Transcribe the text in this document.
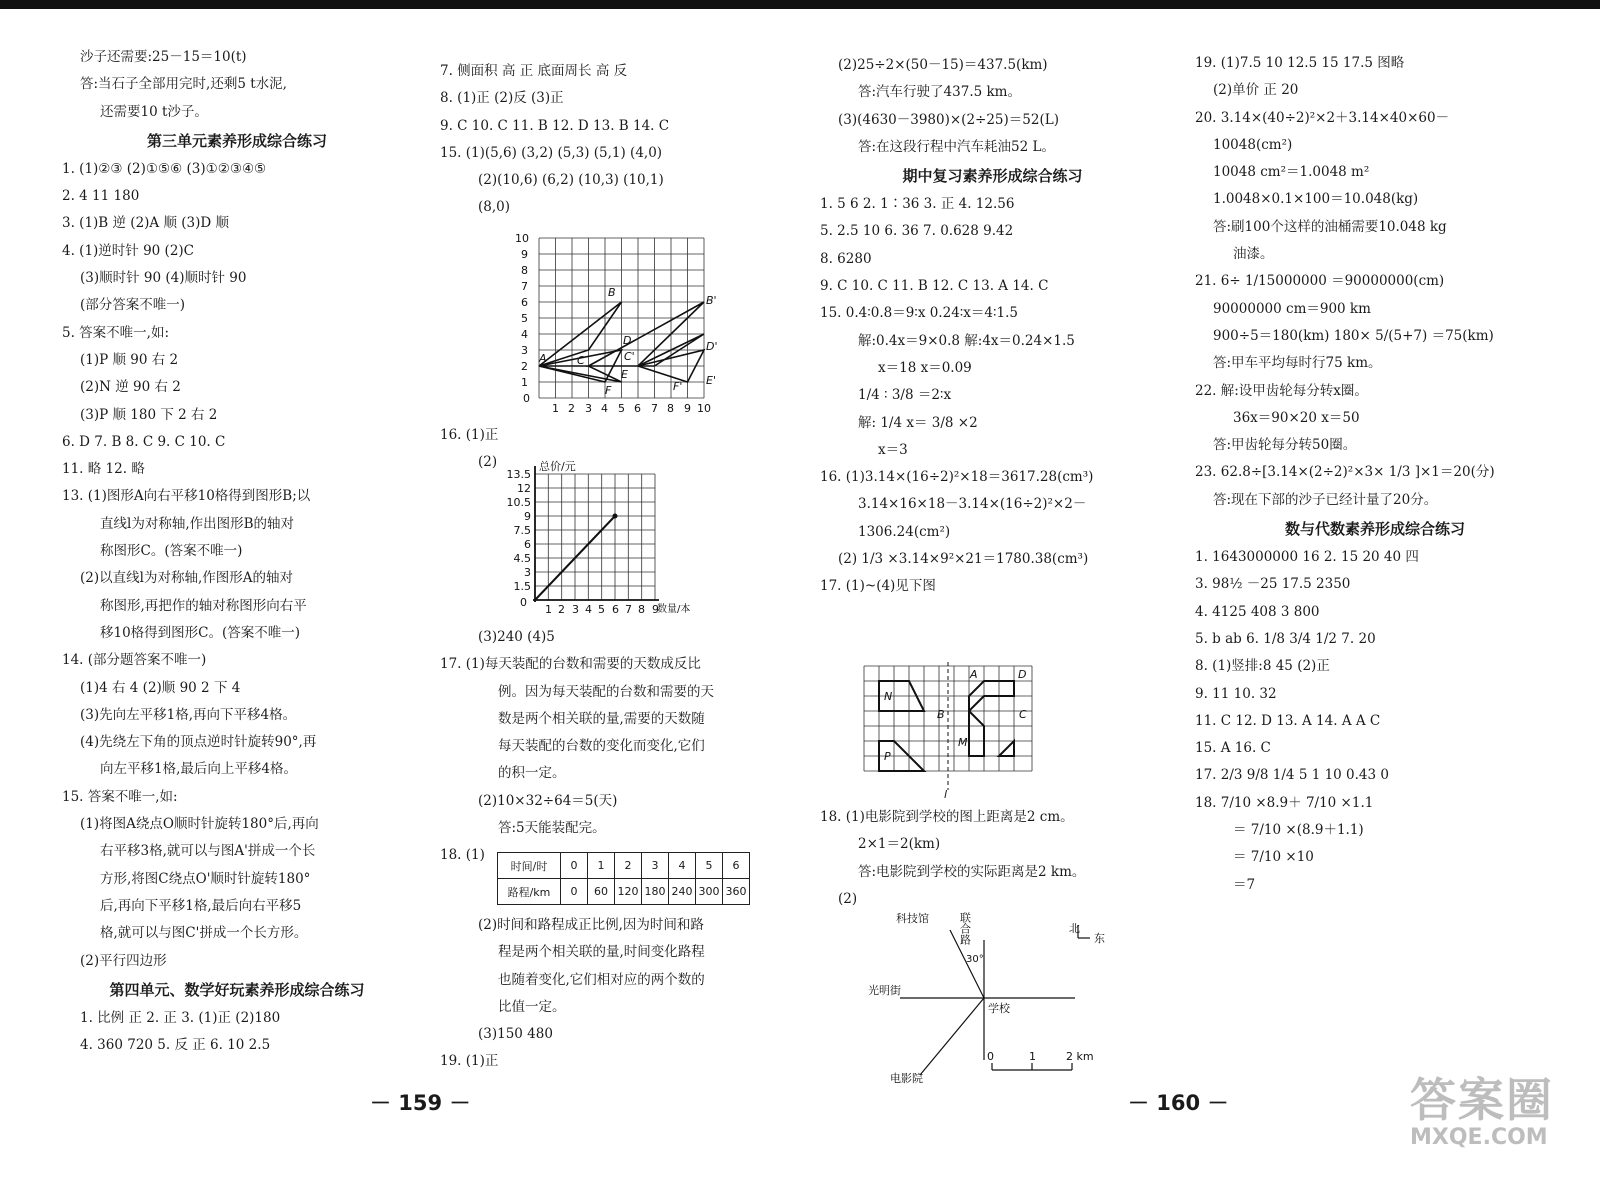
沙子还需要:25－15＝10(t)
答:当石子全部用完时,还剩5 t水泥,
还需要10 t沙子。
第三单元素养形成综合练习
1. (1)②③ (2)①⑤⑥ (3)①②③④⑤
2. 4 11 180
3. (1)B 逆 (2)A 顺 (3)D 顺
4. (1)逆时针 90 (2)C
(3)顺时针 90 (4)顺时针 90
(部分答案不唯一)
5. 答案不唯一,如:
(1)P 顺 90 右 2
(2)N 逆 90 右 2
(3)P 顺 180 下 2 右 2
6. D 7. B 8. C 9. C 10. C
11. 略 12. 略
13. (1)图形A向右平移10格得到图形B;以
直线l为对称轴,作出图形B的轴对
称图形C。(答案不唯一)
(2)以直线l为对称轴,作图形A的轴对
称图形,再把作的轴对称图形向右平
移10格得到图形C。(答案不唯一)
14. (部分题答案不唯一)
(1)4 右 4 (2)顺 90 2 下 4
(3)先向左平移1格,再向下平移4格。
(4)先绕左下角的顶点逆时针旋转90°,再
向左平移1格,最后向上平移4格。
15. 答案不唯一,如:
(1)将图A绕点O顺时针旋转180°后,再向
右平移3格,就可以与图A'拼成一个长
方形,将图C绕点O'顺时针旋转180°
后,再向下平移1格,最后向右平移5
格,就可以与图C'拼成一个长方形。
(2)平行四边形
第四单元、数学好玩素养形成综合练习
1. 比例 正 2. 正 3. (1)正 (2)180
4. 360 720 5. 反 正 6. 10 2.5
7. 侧面积 高 正 底面周长 高 反
8. (1)正 (2)反 (3)正
9. C 10. C 11. B 12. D 13. B 14. C
15. (1)(5,6) (3,2) (5,3) (5,1) (4,0)
(2)(10,6) (6,2) (10,3) (10,1)
(8,0)
16. (1)正
(2)
(3)240 (4)5
17. (1)每天装配的台数和需要的天数成反比
例。因为每天装配的台数和需要的天
数是两个相关联的量,需要的天数随
每天装配的台数的变化而变化,它们
的积一定。
(2)10×32÷64＝5(天)
答:5天能装配完。
18. (1)
(2)时间和路程成正比例,因为时间和路
程是两个相关联的量,时间变化路程
也随着变化,它们相对应的两个数的
比值一定。
(3)150 480
19. (1)正
时间/时	0	1	2	3	4	5	6
路程/km	0	60	120	180	240	300	360
1
2
3
4
5
6
7
8
9
10
0
1 2 3 4 5 6 7 8 9 10
B
D
C
E
F
B'
D'
E'
F'
C'
A
总价/元
数量/本
1.5
3
4.5
6
7.5
9
10.5
12
13.5
0
1 2 3 4 5 6 7 8 9
(2)25÷2×(50－15)＝437.5(km)
答:汽车行驶了437.5 km。
(3)(4630－3980)×(2÷25)＝52(L)
答:在这段行程中汽车耗油52 L。
期中复习素养形成综合练习
1. 5 6 2. 1∶36 3. 正 4. 12.56
5. 2.5 10 6. 36 7. 0.628 9.42
8. 6280
9. C 10. C 11. B 12. C 13. A 14. C
15. 0.4∶0.8＝9∶x 0.24∶x＝4∶1.5
解:0.4x＝9×0.8 解:4x＝0.24×1.5
x＝18 x＝0.09
1/4 ∶ 3/8 ＝2∶x
解: 1/4 x＝ 3/8 ×2
x＝3
16. (1)3.14×(16÷2)²×18＝3617.28(cm³)
3.14×16×18－3.14×(16÷2)²×2－
1306.24(cm²)
(2) 1/3 ×3.14×9²×21＝1780.38(cm³)
17. (1)~(4)见下图
18. (1)电影院到学校的图上距离是2 cm。
2×1＝2(km)
答:电影院到学校的实际距离是2 km。
(2)
N
P
M
A
B	C
D
l
北
东
科技馆	联合路
光明街
学校
电影院
30°
0	1	2 km
19. (1)7.5 10 12.5 15 17.5 图略
(2)单价 正 20
20. 3.14×(40÷2)²×2＋3.14×40×60－
10048(cm²)
10048 cm²＝1.0048 m²
1.0048×0.1×100＝10.048(kg)
答:刷100个这样的油桶需要10.048 kg
油漆。
21. 6÷ 1/15000000 ＝90000000(cm)
90000000 cm＝900 km
900÷5＝180(km) 180× 5/(5+7) ＝75(km)
答:甲车平均每时行75 km。
22. 解:设甲齿轮每分转x圈。
36x＝90×20 x＝50
答:甲齿轮每分转50圈。
23. 62.8÷[3.14×(2÷2)²×3× 1/3 ]×1＝20(分)
答:现在下部的沙子已经计量了20分。
数与代数素养形成综合练习
1. 1643000000 16 2. 15 20 40 四
3. 98½ －25 17.5 2350
4. 4125 408 3 800
5. b ab 6. 1/8 3/4 1/2 7. 20
8. (1)竖排:8 45 (2)正
9. 11 10. 32
11. C 12. D 13. A 14. A A C
15. A 16. C
17. 2/3 9/8 1/4 5 1 10 0.43 0
18. 7/10 ×8.9＋ 7/10 ×1.1
＝ 7/10 ×(8.9＋1.1)
＝ 7/10 ×10
＝7
－ 159 －	－ 160 －	答案圈
MXQE.COM
